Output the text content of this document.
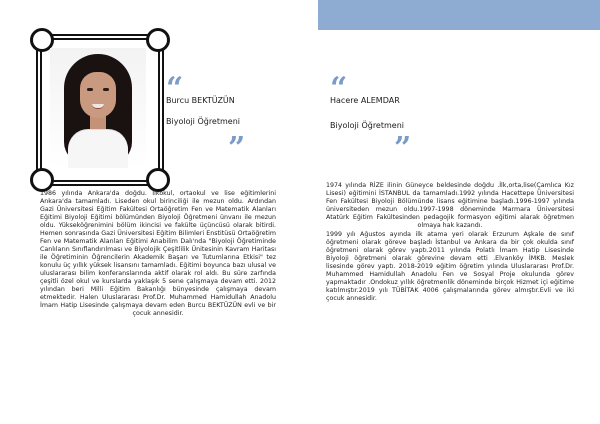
“
Burcu BEKTÜZÜN
Biyoloji Öğretmeni
”

1986 yılında Ankara'da doğdu. İlkokul, ortaokul ve lise eğitimlerini Ankara'da tamamladı. Liseden okul birinciliği ile mezun oldu. Ardından Gazi Üniversitesi Eğitim Fakültesi Ortaöğretim Fen ve Matematik Alanları Eğitimi Biyoloji Eğitimi bölümünden Biyoloji Öğretmeni ünvanı ile mezun oldu. Yükseköğrenimini bölüm ikincisi ve fakülte üçüncüsü olarak bitirdi. Hemen sonrasında Gazi Üniversitesi Eğitim Bilimleri Enstitüsü Ortaöğretim Fen ve Matematik Alanları Eğitimi Anabilim Dalı'nda "Biyoloji Öğretiminde Canlıların Sınıflandırılması ve Biyolojik Çeşitlilik Ünitesinin Kavram Haritası ile Öğretiminin Öğrencilerin Akademik Başarı ve Tutumlarına Etkisi" tez konulu üç yıllık yüksek lisansını tamamladı. Eğitimi boyunca bazı ulusal ve uluslararası bilim konferanslarında aktif olarak rol aldı. Bu süre zarfında çeşitli özel okul ve kurslarda yaklaşık 5 sene çalışmaya devam etti. 2012 yılından beri Milli Eğitim Bakanlığı bünyesinde çalışmaya devam etmektedir. Halen Uluslararası Prof.Dr. Muhammed Hamidullah Anadolu İmam Hatip Lisesinde çalışmaya devam eden Burcu BEKTÜZÜN evli ve bir çocuk annesidir.

“
Hacere ALEMDAR
Biyoloji Öğretmeni
”

1974 yılında RİZE ilinin Güneyce beldesinde doğdu .İlk,orta,lise(Çamlıca Kız Lisesi) eğitimini İSTANBUL da tamamladı.1992 yılında Hacettepe Üniversitesi Fen Fakültesi Biyoloji Bölümünde lisans eğitimine başladı.1996-1997 yılında üniversiteden mezun oldu.1997-1998 döneminde Marmara Üniversitesi Atatürk Eğitim Fakültesinden pedagojik formasyon eğitimi alarak öğretmen olmaya hak kazandı.

1999 yılı Ağustos ayında ilk atama yeri olarak Erzurum Aşkale de sınıf öğretmeni olarak göreve başladı İstanbul ve Ankara da bir çok okulda sınıf öğretmeni olarak görev yaptı.2011 yılında Polatlı İmam Hatip Lisesinde Biyoloji öğretmeni olarak görevine devam etti .Elvanköy İMKB. Meslek lisesinde görev yaptı. 2018-2019 eğitim öğretim yılında Uluslararası Prof.Dr. Muhammed Hamidullah Anadolu Fen ve Sosyal Proje okulunda görev yapmaktadır .Ondokuz yıllık öğretmenlik döneminde birçok Hizmet içi eğitime katılmıştır.2019 yılı TÜBİTAK 4006 çalışmalarında görev almıştır.Evli ve iki çocuk annesidir.
